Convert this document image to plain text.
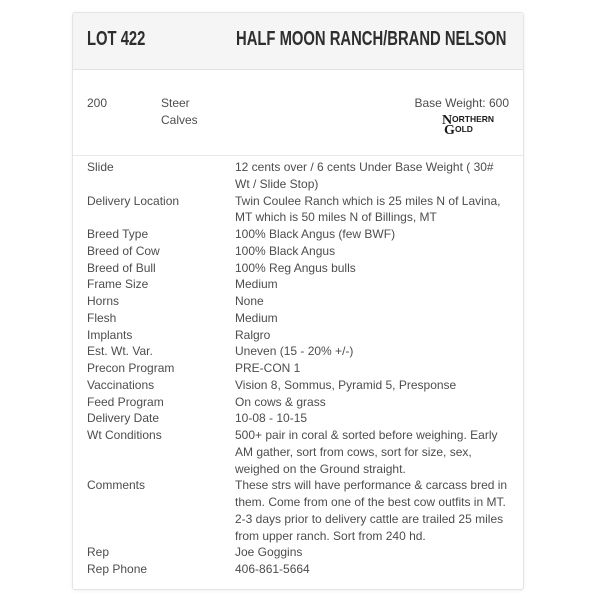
LOT 422	HALF MOON RANCH/BRAND NELSON
200	Steer Calves
Base Weight: 600
N ORTHERN
G OLD
Slide	12 cents over / 6 cents Under Base Weight ( 30# Wt / Slide Stop)
Delivery Location	Twin Coulee Ranch which is 25 miles N of Lavina, MT which is 50 miles N of Billings, MT
Breed Type	100% Black Angus (few BWF)
Breed of Cow	100% Black Angus
Breed of Bull	100% Reg Angus bulls
Frame Size	Medium
Horns	None
Flesh	Medium
Implants	Ralgro
Est. Wt. Var.	Uneven (15 - 20% +/-)
Precon Program	PRE-CON 1
Vaccinations	Vision 8, Sommus, Pyramid 5, Presponse
Feed Program	On cows & grass
Delivery Date	10-08 - 10-15
Wt Conditions	500+ pair in coral & sorted before weighing. Early AM gather, sort from cows, sort for size, sex, weighed on the Ground straight.
Comments	These strs will have performance & carcass bred in them. Come from one of the best cow outfits in MT. 2-3 days prior to delivery cattle are trailed 25 miles from upper ranch. Sort from 240 hd.
Rep	Joe Goggins
Rep Phone	406-861-5664
